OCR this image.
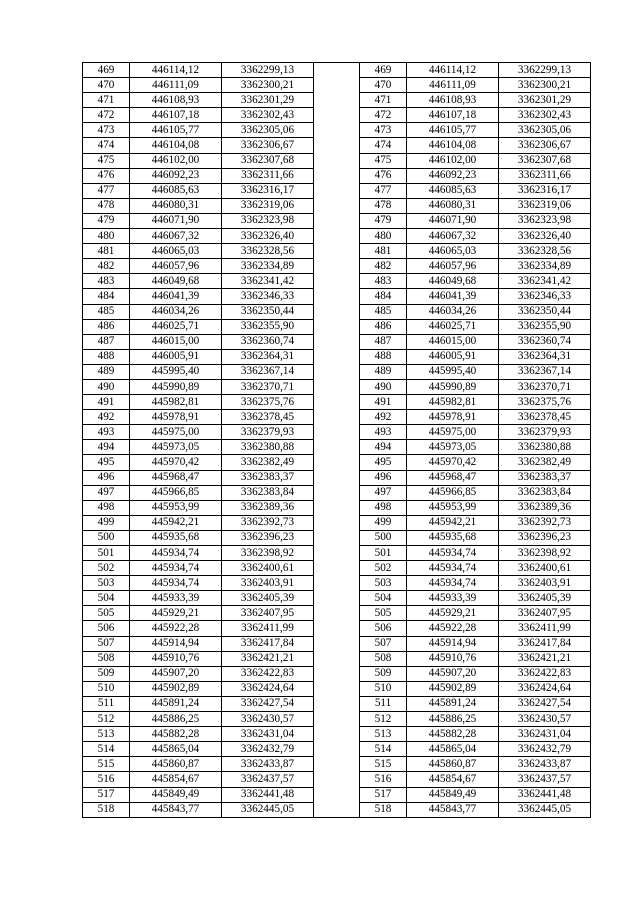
469	446114,12	3362299,13		469	446114,12	3362299,13
470	446111,09	3362300,21		470	446111,09	3362300,21
471	446108,93	3362301,29		471	446108,93	3362301,29
472	446107,18	3362302,43		472	446107,18	3362302,43
473	446105,77	3362305,06		473	446105,77	3362305,06
474	446104,08	3362306,67		474	446104,08	3362306,67
475	446102,00	3362307,68		475	446102,00	3362307,68
476	446092,23	3362311,66		476	446092,23	3362311,66
477	446085,63	3362316,17		477	446085,63	3362316,17
478	446080,31	3362319,06		478	446080,31	3362319,06
479	446071,90	3362323,98		479	446071,90	3362323,98
480	446067,32	3362326,40		480	446067,32	3362326,40
481	446065,03	3362328,56		481	446065,03	3362328,56
482	446057,96	3362334,89		482	446057,96	3362334,89
483	446049,68	3362341,42		483	446049,68	3362341,42
484	446041,39	3362346,33		484	446041,39	3362346,33
485	446034,26	3362350,44		485	446034,26	3362350,44
486	446025,71	3362355,90		486	446025,71	3362355,90
487	446015,00	3362360,74		487	446015,00	3362360,74
488	446005,91	3362364,31		488	446005,91	3362364,31
489	445995,40	3362367,14		489	445995,40	3362367,14
490	445990,89	3362370,71		490	445990,89	3362370,71
491	445982,81	3362375,76		491	445982,81	3362375,76
492	445978,91	3362378,45		492	445978,91	3362378,45
493	445975,00	3362379,93		493	445975,00	3362379,93
494	445973,05	3362380,88		494	445973,05	3362380,88
495	445970,42	3362382,49		495	445970,42	3362382,49
496	445968,47	3362383,37		496	445968,47	3362383,37
497	445966,85	3362383,84		497	445966,85	3362383,84
498	445953,99	3362389,36		498	445953,99	3362389,36
499	445942,21	3362392,73		499	445942,21	3362392,73
500	445935,68	3362396,23		500	445935,68	3362396,23
501	445934,74	3362398,92		501	445934,74	3362398,92
502	445934,74	3362400,61		502	445934,74	3362400,61
503	445934,74	3362403,91		503	445934,74	3362403,91
504	445933,39	3362405,39		504	445933,39	3362405,39
505	445929,21	3362407,95		505	445929,21	3362407,95
506	445922,28	3362411,99		506	445922,28	3362411,99
507	445914,94	3362417,84		507	445914,94	3362417,84
508	445910,76	3362421,21		508	445910,76	3362421,21
509	445907,20	3362422,83		509	445907,20	3362422,83
510	445902,89	3362424,64		510	445902,89	3362424,64
511	445891,24	3362427,54		511	445891,24	3362427,54
512	445886,25	3362430,57		512	445886,25	3362430,57
513	445882,28	3362431,04		513	445882,28	3362431,04
514	445865,04	3362432,79		514	445865,04	3362432,79
515	445860,87	3362433,87		515	445860,87	3362433,87
516	445854,67	3362437,57		516	445854,67	3362437,57
517	445849,49	3362441,48		517	445849,49	3362441,48
518	445843,77	3362445,05		518	445843,77	3362445,05
